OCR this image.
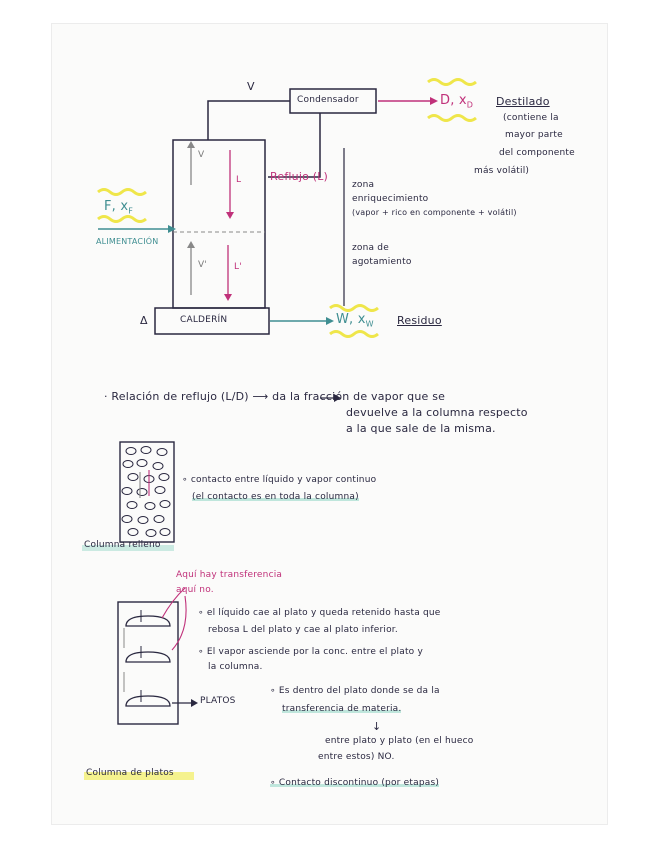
V
Condensador	D, $x_D$ Destilado
(contiene la
mayor parte
del componente
más volátil)
Reflujo (L)
zona
enriquecimiento
(vapor + rico en componente + volátil)
zona de
agotamiento
V
L
V'	L'
F, $x_F$
ALIMENTACIÓN
Δ	CALDERÍN	W, $x_W$ Residuo
· Relación de reflujo (L/D) ⟶ da la fracción de vapor que se
devuelve a la columna respecto
a la que sale de la misma.
∘ contacto entre líquido y vapor continuo
(el contacto es en toda la columna)
Columna relleno
Aquí hay transferencia
aquí no.
∘ el líquido cae al plato y queda retenido hasta que
rebosa L del plato y cae al plato inferior.
∘ El vapor asciende por la conc. entre el plato y
la columna.
PLATOS
∘ Es dentro del plato donde se da la
transferencia de materia.
↓
entre plato y plato (en el hueco
entre estos) NO.
Columna de platos
∘ Contacto discontinuo (por etapas)
